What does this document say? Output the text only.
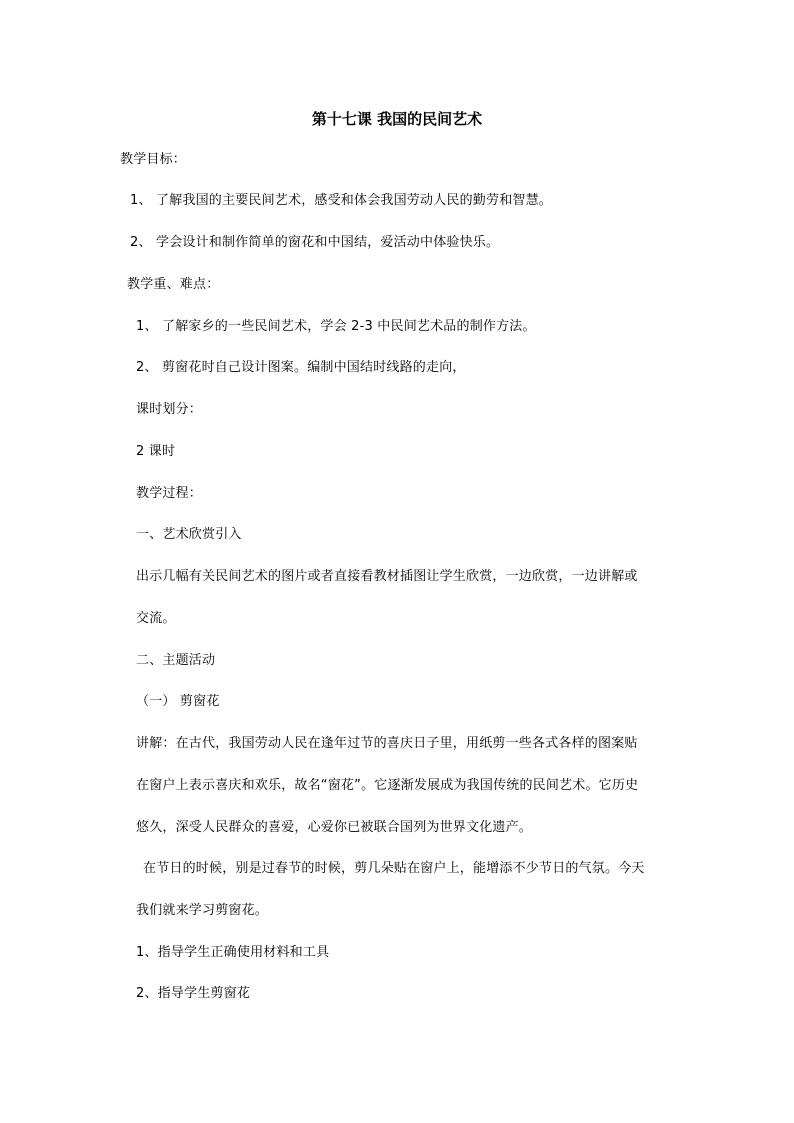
第十七课 我国的民间艺术
教学目标：
1、 了解我国的主要民间艺术，感受和体会我国劳动人民的勤劳和智慧。
2、 学会设计和制作简单的窗花和中国结，爱活动中体验快乐。
教学重、难点：
1、 了解家乡的一些民间艺术，学会 2-3 中民间艺术品的制作方法。
2、 剪窗花时自己设计图案。编制中国结时线路的走向，
课时划分：
2 课时
教学过程：
一、艺术欣赏引入
出示几幅有关民间艺术的图片或者直接看教材插图让学生欣赏，一边欣赏，一边讲解或
交流。
二、主题活动
（一） 剪窗花
讲解：在古代，我国劳动人民在逢年过节的喜庆日子里，用纸剪一些各式各样的图案贴
在窗户上表示喜庆和欢乐，故名“窗花”。它逐渐发展成为我国传统的民间艺术。它历史
悠久，深受人民群众的喜爱，心爱你已被联合国列为世界文化遗产。
在节日的时候，别是过春节的时候，剪几朵贴在窗户上，能增添不少节日的气氛。今天
我们就来学习剪窗花。
1、指导学生正确使用材料和工具
2、指导学生剪窗花
